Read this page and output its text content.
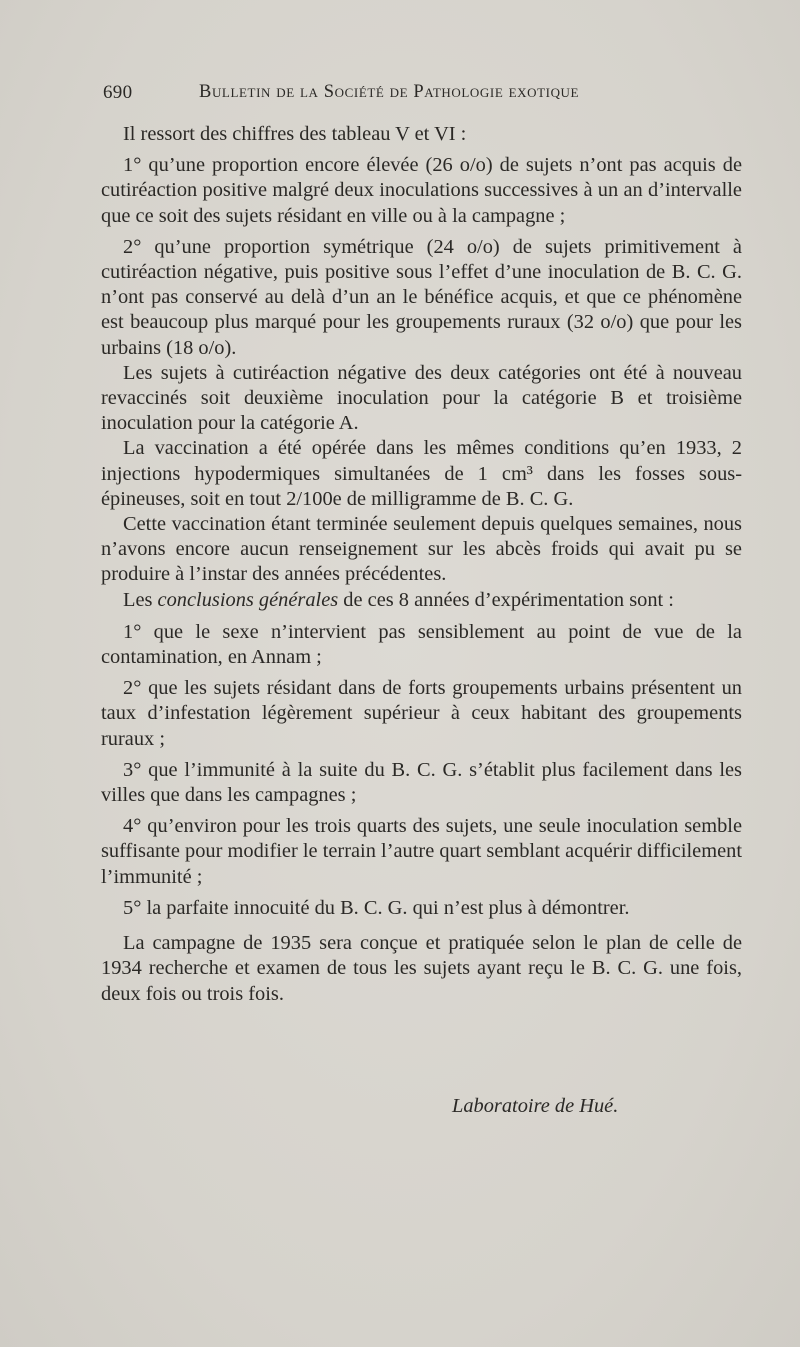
690	Bulletin de la Société de Pathologie exotique

Il ressort des chiffres des tableau V et VI :

1° qu’une proportion encore élevée (26 o/o) de sujets n’ont pas acquis de cutiréaction positive malgré deux inoculations successives à un an d’intervalle que ce soit des sujets résidant en ville ou à la campagne ;

2° qu’une proportion symétrique (24 o/o) de sujets primitivement à cutiréaction négative, puis positive sous l’effet d’une inoculation de B. C. G. n’ont pas conservé au delà d’un an le bénéfice acquis, et que ce phénomène est beaucoup plus marqué pour les groupements ruraux (32 o/o) que pour les urbains (18 o/o).

Les sujets à cutiréaction négative des deux catégories ont été à nouveau revaccinés soit deuxième inoculation pour la catégorie B et troisième inoculation pour la catégorie A.

La vaccination a été opérée dans les mêmes conditions qu’en 1933, 2 injections hypodermiques simultanées de 1 cm³ dans les fosses sous-épineuses, soit en tout 2/100e de milligramme de B. C. G.

Cette vaccination étant terminée seulement depuis quelques semaines, nous n’avons encore aucun renseignement sur les abcès froids qui avait pu se produire à l’instar des années précédentes.

Les conclusions générales de ces 8 années d’expérimentation sont :

1° que le sexe n’intervient pas sensiblement au point de vue de la contamination, en Annam ;

2° que les sujets résidant dans de forts groupements urbains présentent un taux d’infestation légèrement supérieur à ceux habitant des groupements ruraux ;

3° que l’immunité à la suite du B. C. G. s’établit plus facilement dans les villes que dans les campagnes ;

4° qu’environ pour les trois quarts des sujets, une seule inoculation semble suffisante pour modifier le terrain l’autre quart semblant acquérir difficilement l’immunité ;

5° la parfaite innocuité du B. C. G. qui n’est plus à démontrer.

La campagne de 1935 sera conçue et pratiquée selon le plan de celle de 1934 recherche et examen de tous les sujets ayant reçu le B. C. G. une fois, deux fois ou trois fois.

Laboratoire de Hué.
